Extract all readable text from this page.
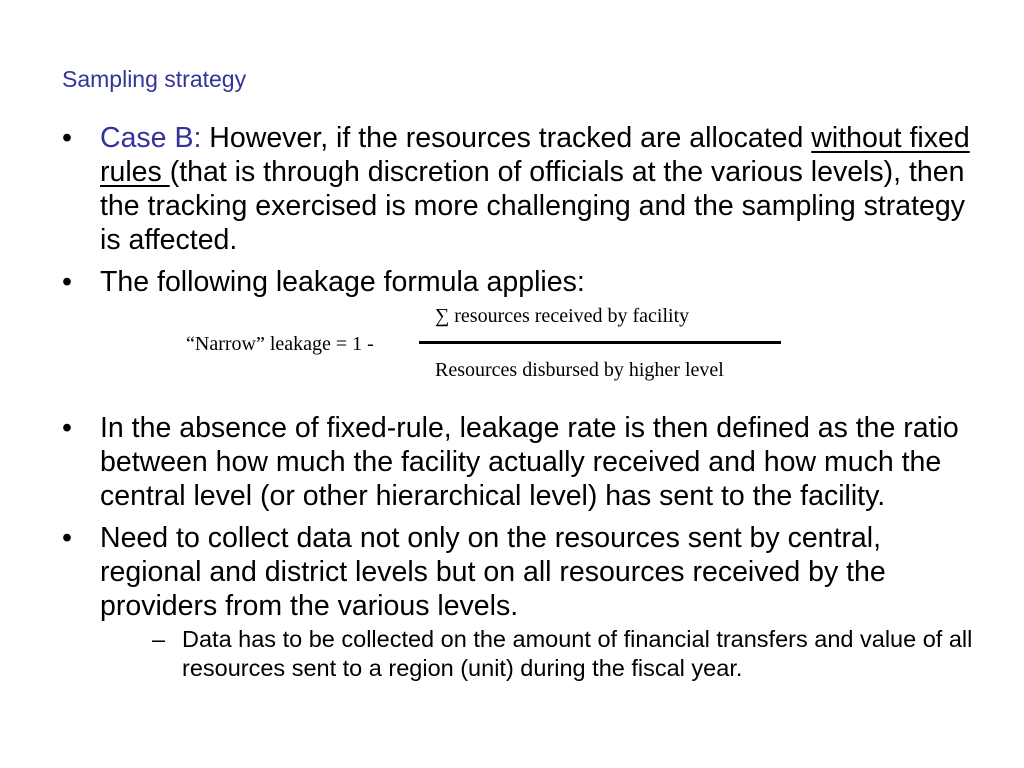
Sampling strategy
• Case B: However, if the resources tracked are allocated without fixed rules (that is through discretion of officials at the various levels), then the tracking exercised is more challenging and the sampling strategy is affected.
• The following leakage formula applies:
“Narrow” leakage = 1 -
∑ resources received by facility
Resources disbursed by higher level
• In the absence of fixed-rule, leakage rate is then defined as the ratio between how much the facility actually received and how much the central level (or other hierarchical level) has sent to the facility.
• Need to collect data not only on the resources sent by central, regional and district levels but on all resources received by the providers from the various levels.
– Data has to be collected on the amount of financial transfers and value of all resources sent to a region (unit) during the fiscal year.
